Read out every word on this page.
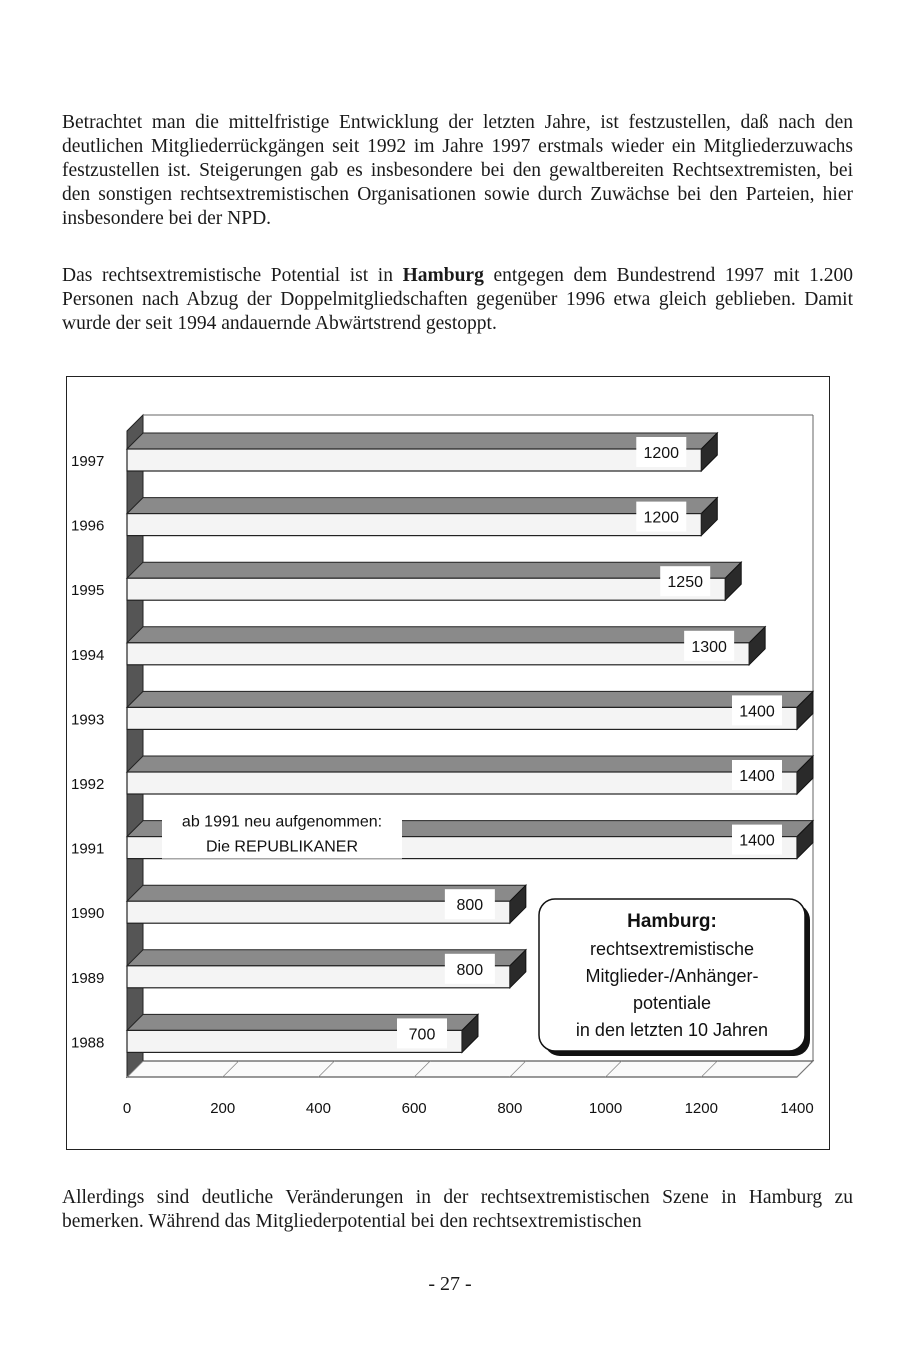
Betrachtet man die mittelfristige Entwicklung der letzten Jahre, ist festzustellen, daß nach den deutlichen Mitgliederrückgängen seit 1992 im Jahre 1997 erstmals wieder ein Mitgliederzuwachs festzustellen ist. Steigerungen gab es insbesondere bei den gewaltbereiten Rechtsextremisten, bei den sonstigen rechtsextremistischen Organisationen sowie durch Zuwächse bei den Parteien, hier insbesondere bei der NPD.

Das rechtsextremistische Potential ist in Hamburg entgegen dem Bundestrend 1997 mit 1.200 Personen nach Abzug der Doppelmitgliedschaften gegenüber 1996 etwa gleich geblieben. Damit wurde der seit 1994 andauernde Abwärtstrend gestoppt.

0	200	400	600	800	1000	1200	1400
1997	1200
1996	1200
1995	1250
1994	1300
1993	1400
1992	1400
1991	1400
1990	800
1989	800
1988	700
ab 1991 neu aufgenommen:
Die REPUBLIKANER
Hamburg:
rechtsextremistische
Mitglieder-/Anhänger-
potentiale
in den letzten 10 Jahren

Allerdings sind deutliche Veränderungen in der rechtsextremistischen Szene in Hamburg zu bemerken. Während das Mitgliederpotential bei den rechtsextremistischen

- 27 -
